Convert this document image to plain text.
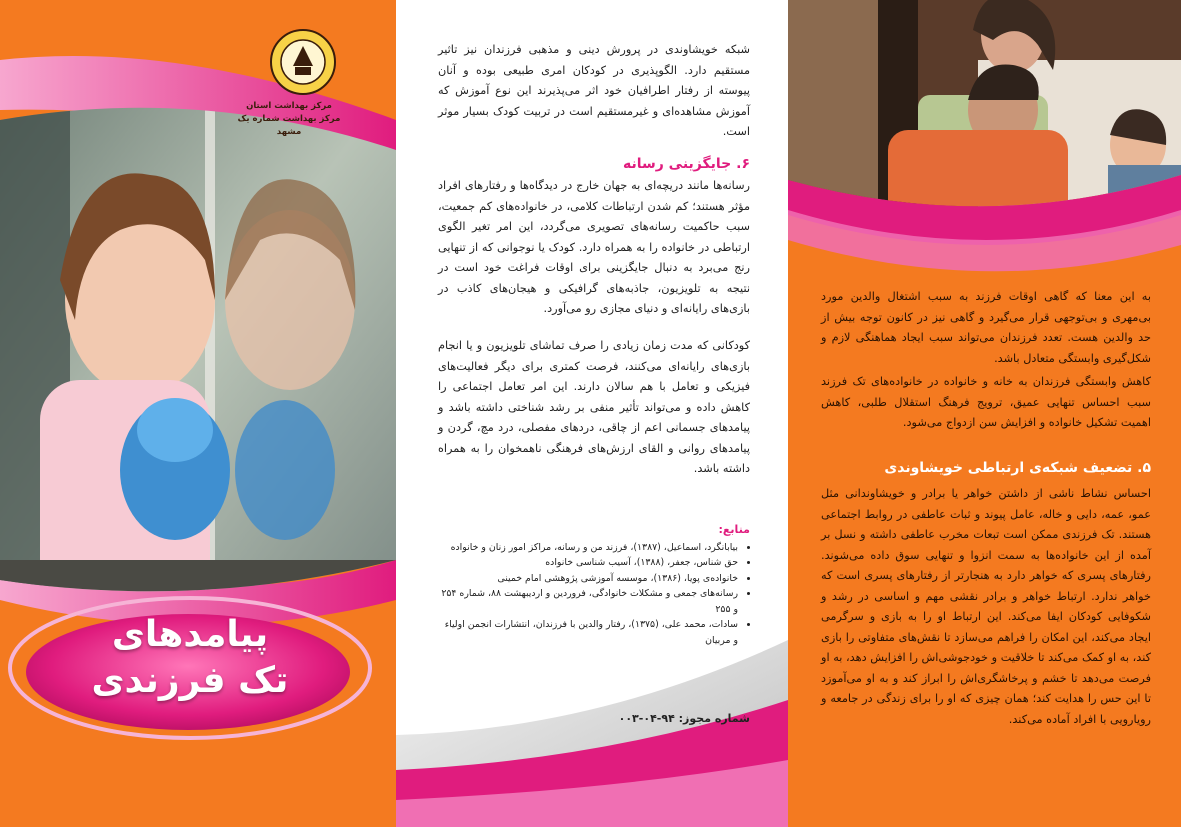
مرکز بهداشت استان
مرکز بهداشت شماره یک مشهد
پیامدهای
تک فرزندی
شبکه خویشاوندی در پرورش دینی و مذهبی فرزندان نیز تاثیر مستقیم دارد. الگوپذیری در کودکان امری طبیعی بوده و آنان پیوسته از رفتار اطرافیان خود اثر می‌پذیرند این نوع آموزش که آموزش مشاهده‌ای و غیرمستقیم است در تربیت کودک بسیار موثر است.
۶. جایگزینی رسانه
رسانه‌ها مانند دریچه‌ای به جهان خارج در دیدگاه‌ها و رفتارهای افراد مؤثر هستند؛ کم شدن ارتباطات کلامی، در خانواده‌های کم جمعیت، سبب حاکمیت رسانه‌های تصویری می‌گردد، این امر تغیر الگوی ارتباطی در خانواده را به همراه دارد. کودک یا نوجوانی که از تنهایی رنج می‌برد به دنبال جایگزینی برای اوقات فراغت خود است در نتیجه به تلویزیون، جاذبه‌های گرافیکی و هیجان‌های کاذب در بازی‌های رایانه‌ای و دنیای مجازی رو می‌آورد.
کودکانی که مدت زمان زیادی را صرف تماشای تلویزیون و یا انجام بازی‌های رایانه‌ای می‌کنند، فرصت کمتری برای دیگر فعالیت‌های فیزیکی و تعامل با هم سالان دارند. این امر تعامل اجتماعی را کاهش داده و می‌تواند تأثیر منفی بر رشد شناختی داشته باشد و پیامدهای جسمانی اعم از چاقی، دردهای مفصلی، درد مچ، گردن و پیامدهای روانی و القای ارزش‌های فرهنگی ناهمخوان را به همراه داشته باشد.
منابع:
• بیابانگرد، اسماعیل، (۱۳۸۷)، فرزند من و رسانه، مراکز امور زنان و خانواده
• حق شناس، جعفر، (۱۳۸۸)، آسیب شناسی خانواده
• خانواده‌ی پویا، (۱۳۸۶)، موسسه آموزشی پژوهشی امام خمینی
• رسانه‌های جمعی و مشکلات خانوادگی، فروردین و اردیبهشت ۸۸، شماره ۲۵۴ و ۲۵۵
• سادات، محمد علی، (۱۳۷۵)، رفتار والدین با فرزندان، انتشارات انجمن اولیاء و مربیان
شماره مجوز: ۹۴-۰۴-۰۰۳
به این معنا که گاهی اوقات فرزند به سبب اشتغال والدین مورد بی‌مهری و بی‌توجهی قرار می‌گیرد و گاهی نیز در کانون توجه بیش از حد والدین هست. تعدد فرزندان می‌تواند سبب ایجاد هماهنگی لازم و شکل‌گیری وابستگی متعادل باشد.
کاهش وابستگی فرزندان به خانه و خانواده در خانواده‌های تک فرزند سبب احساس تنهایی عمیق، ترویج فرهنگ استقلال طلبی، کاهش اهمیت تشکیل خانواده و افزایش سن ازدواج می‌شود.
۵. تضعیف شبکه‌ی ارتباطی خویشاوندی
احساس نشاط ناشی از داشتن خواهر یا برادر و خویشاوندانی مثل عمو، عمه، دایی و خاله، عامل پیوند و ثبات عاطفی در روابط اجتماعی هستند. تک فرزندی ممکن است تبعات مخرب عاطفی داشته و نسل بر آمده از این خانواده‌ها به سمت انزوا و تنهایی سوق داده می‌شوند. رفتارهای پسری که خواهر دارد به هنجارتر از رفتارهای پسری است که خواهر ندارد. ارتباط خواهر و برادر نقشی مهم و اساسی در رشد و شکوفایی کودکان ایفا می‌کند. این ارتباط او را به بازی و سرگرمی ایجاد می‌کند، این امکان را فراهم می‌سازد تا نقش‌های متفاوتی را بازی کند، به او کمک می‌کند تا خلاقیت و خودجوشی‌اش را افزایش دهد، به او فرصت می‌دهد تا خشم و پرخاشگری‌اش را ابراز کند و به او می‌آموزد تا این حس را هدایت کند؛ همان چیزی که او را برای زندگی در جامعه و رویارویی با افراد آماده می‌کند.
